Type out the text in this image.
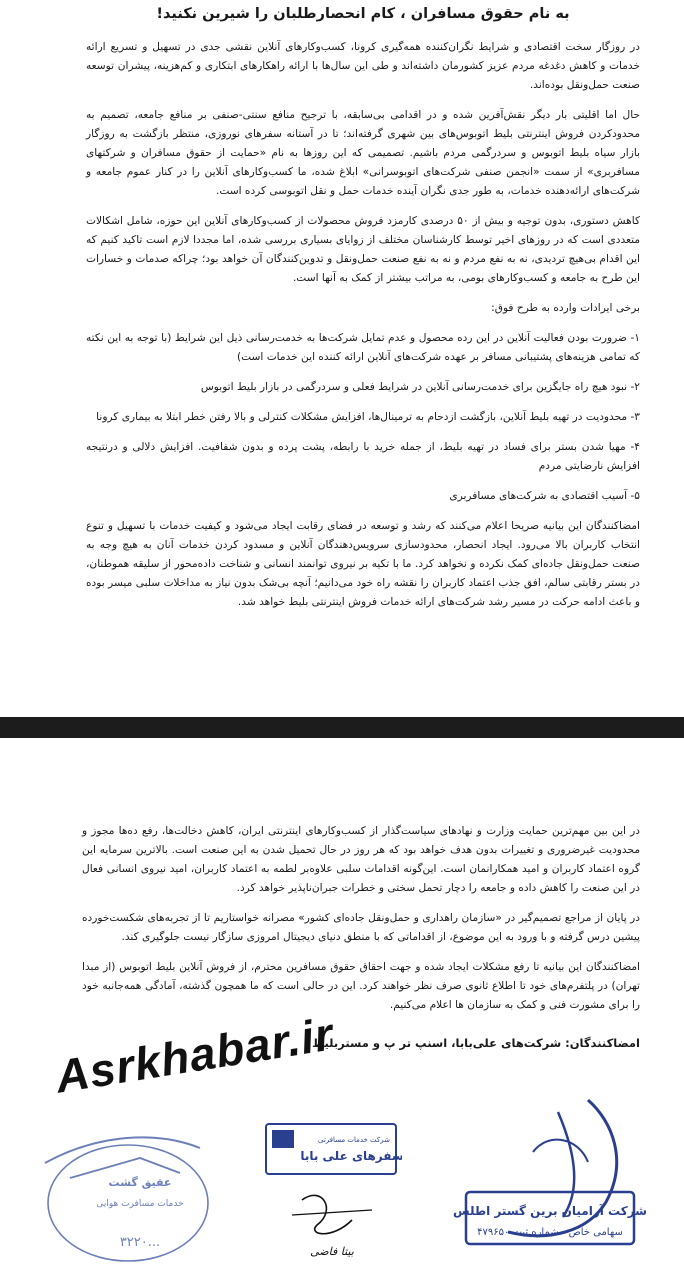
به نام حقوق مسافران ، کام انحصارطلبان را شیرین نکنید!

در روزگار سخت اقتصادی و شرایط نگران‌کننده همه‌گیری کرونا، کسب‌وکارهای آنلاین نقشی جدی در تسهیل و تسریع ارائه خدمات و کاهش دغدغه مردم عزیز کشورمان داشته‌اند و طی این سال‌ها با ارائه راهکارهای ابتکاری و کم‌هزینه، پیشران توسعه صنعت حمل‌ونقل بوده‌اند.

حال اما اقلیتی بار دیگر نقش‌آفرین شده و در اقدامی بی‌سابقه، با ترجیح منافع سنتی-صنفی بر منافع جامعه، تصمیم به محدودکردن فروش اینترنتی بلیط اتوبوس‌های بین شهری گرفته‌اند؛ تا در آستانه سفرهای نوروزی، منتظر بازگشت به روزگار بازار سیاه بلیط اتوبوس و سردرگمی مردم باشیم. تصمیمی که این روزها به نام «حمایت از حقوق مسافران و شرکتهای مسافربری» از سمت «انجمن صنفی شرکت‌های اتوبوسرانی» ابلاغ شده، ما کسب‌وکارهای آنلاین را در کنار عموم جامعه و شرکت‌های ارائه‌دهنده خدمات، به طور جدی نگران آینده خدمات حمل و نقل اتوبوسی کرده است.

کاهش دستوری، بدون توجیه و بیش از ۵۰ درصدی کارمزد فروش محصولات از کسب‌وکارهای آنلاین این حوزه، شامل اشکالات متعددی است که در روزهای اخیر توسط کارشناسان مختلف از زوایای بسیاری بررسی شده، اما مجددا لازم است تاکید کنیم که این اقدام بی‌هیچ تردیدی، نه به نفع مردم و نه به نفع صنعت حمل‌ونقل و تدوین‌کنندگان آن خواهد بود؛ چراکه صدمات و خسارات این طرح به جامعه و کسب‌وکارهای بومی، به مراتب بیشتر از کمک به آنها است.

برخی ایرادات وارده به طرح فوق:

۱- ضرورت بودن فعالیت آنلاین در این رده محصول و عدم تمایل شرکت‌ها به خدمت‌رسانی ذیل این شرایط (با توجه به این نکته که تمامی هزینه‌های پشتیبانی مسافر بر عهده شرکت‌های آنلاین ارائه کننده این خدمات است)

۲- نبود هیچ راه جایگزین برای خدمت‌رسانی آنلاین در شرایط فعلی و سردرگمی در بازار بلیط اتوبوس

۳- محدودیت در تهیه بلیط آنلاین، بازگشت ازدحام به ترمینال‌ها، افزایش مشکلات کنترلی و بالا رفتن خطر ابتلا به بیماری کرونا

۴- مهیا شدن بستر برای فساد در تهیه بلیط، از جمله خرید با رابطه، پشت پرده و بدون شفافیت. افزایش دلالی و درنتیجه افزایش نارضایتی مردم

۵- آسیب اقتصادی به شرکت‌های مسافربری

امضاکنندگان این بیانیه صریحا اعلام می‌کنند که رشد و توسعه در فضای رقابت ایجاد می‌شود و کیفیت خدمات با تسهیل و تنوع انتخاب کاربران بالا می‌رود. ایجاد انحصار، محدودسازی سرویس‌دهندگان آنلاین و مسدود کردن خدمات آنان به هیچ وجه به صنعت حمل‌ونقل جاده‌ای کمک نکرده و نخواهد کرد. ما با تکیه بر نیروی توانمند انسانی و شناخت داده‌محور از سلیقه هموطنان، در بستر رقابتی سالم، افق جذب اعتماد کاربران را نقشه راه خود می‌دانیم؛ آنچه بی‌شک بدون نیاز به مداخلات سلبی میسر بوده و باعث ادامه حرکت در مسیر رشد شرکت‌های ارائه خدمات فروش اینترنتی بلیط خواهد شد.

در این بین مهم‌ترین حمایت وزارت و نهادهای سیاست‌گذار از کسب‌وکارهای اینترنتی ایران، کاهش دخالت‌ها، رفع ده‌ها مجوز و محدودیت غیرضروری و تغییرات بدون هدف خواهد بود که هر روز در حال تحمیل شدن به این صنعت است. بالاترین سرمایه این گروه اعتماد کاربران و امید همکارانمان است. این‌گونه اقدامات سلبی علاوه‌بر لطمه به اعتماد کاربران، امید نیروی انسانی فعال در این صنعت را کاهش داده و جامعه را دچار تحمل سختی و خطرات جبران‌ناپذیر خواهد کرد.

در پایان از مراجع تصمیم‌گیر در «سازمان راهداری و حمل‌ونقل جاده‌ای کشور» مصرانه خواستاریم تا از تجربه‌های شکست‌خورده پیشین درس گرفته و با ورود به این موضوع، از اقداماتی که با منطق دنیای دیجیتال امروزی سازگار نیست جلوگیری کند.

امضاکنندگان این بیانیه تا رفع مشکلات ایجاد شده و جهت احقاق حقوق مسافرین محترم، از فروش آنلاین بلیط اتوبوس (از مبدا تهران) در پلتفرم‌های خود تا اطلاع ثانوی صرف نظر خواهند کرد. این در حالی است که ما همچون گذشته، آمادگی همه‌جانبه خود را برای مشورت فنی و کمک به سازمان ها اعلام می‌کنیم.

امضاکنندگان: شرکت‌های علی‌بابا، اسنپ تر پ و مستربلیط
Asrkhabar.ir
شرکت آرامیان برین گستر اطلس
سهامی خاص - شماره ثبت ۴۷۹۶۵۰
شرکت خدمات مسافرتی
سفرهای علی بابا
بیتا فاضی
عقیق گشت
خدمات مسافرت هوایی
۳۲۲۰...
